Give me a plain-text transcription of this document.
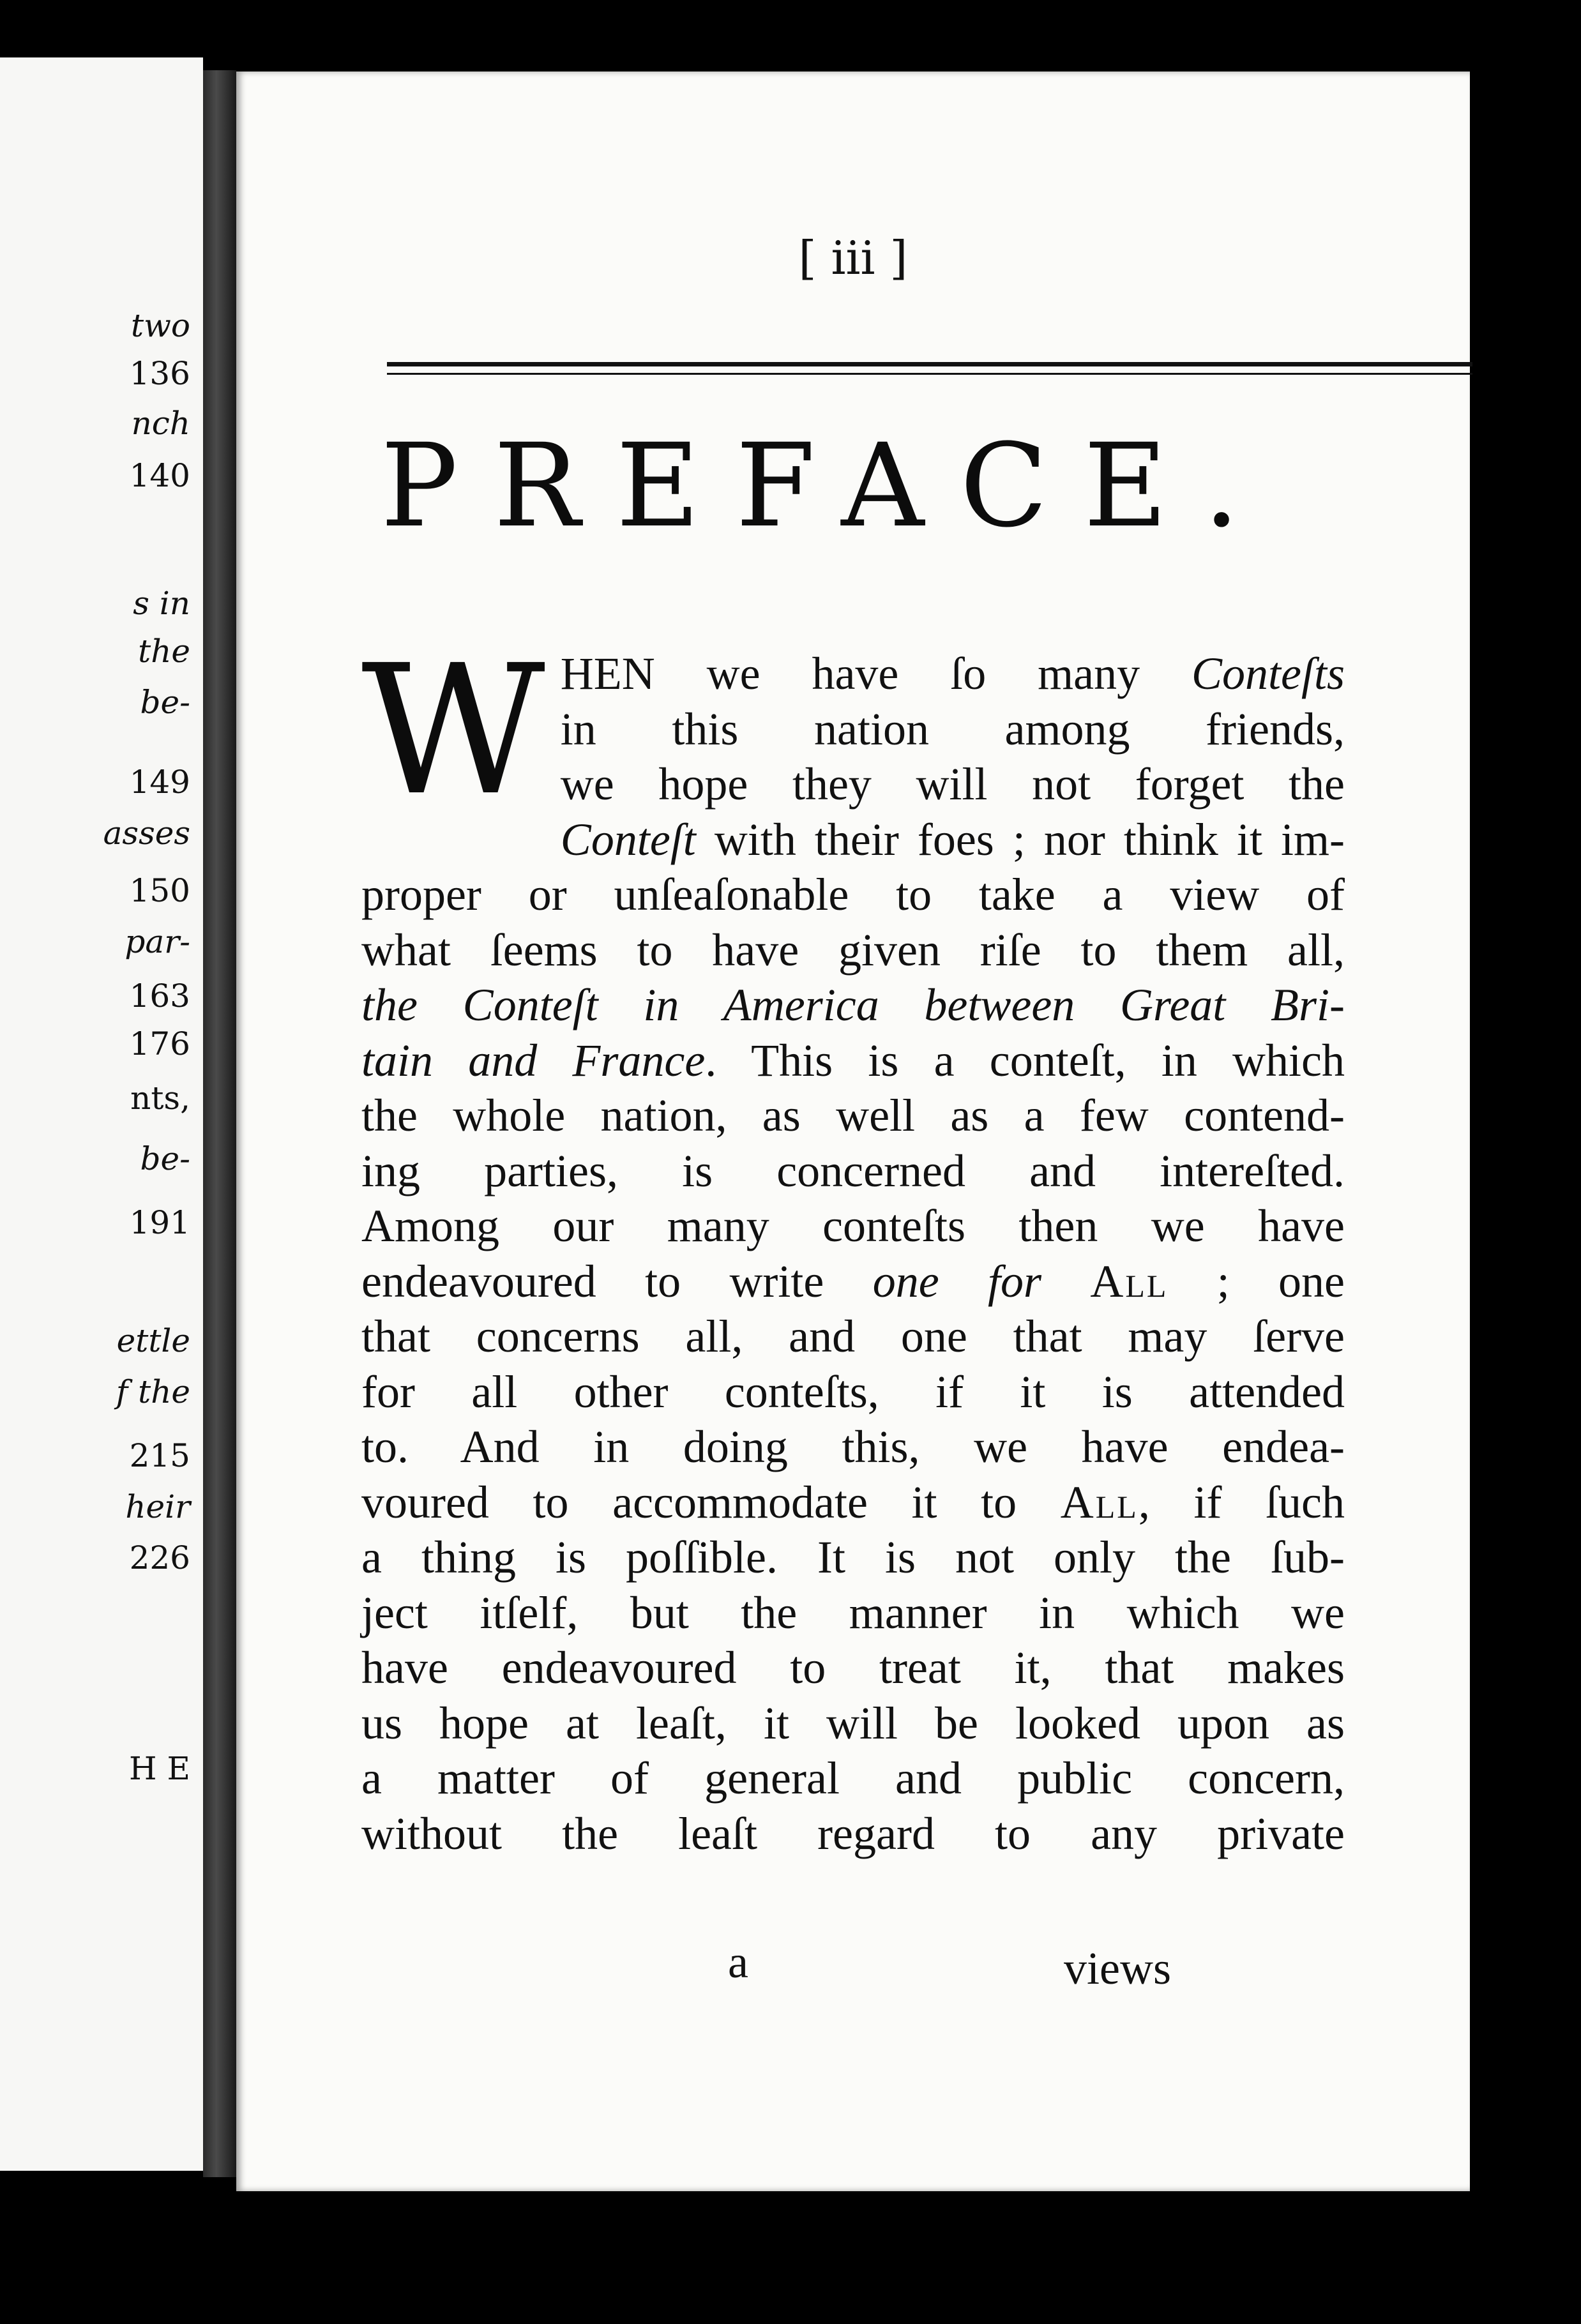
two
136
nch
140
s in
the
be-
149
asses
150
par-
163
176
nts,
be-
191
ettle
f the
215
heir
226
H E
[ iii ]
PREFACE.
W HEN we have ſo many Conteſts
in this nation among friends,
we hope they will not forget the
Conteſt with their foes ; nor think it im-
proper or unſeaſonable to take a view of
what ſeems to have given riſe to them all,
the Conteſt in America between Great Bri-
tain and France. This is a conteſt, in which
the whole nation, as well as a few contend-
ing parties, is concerned and intereſted.
Among our many conteſts then we have
endeavoured to write one for All ; one
that concerns all, and one that may ſerve
for all other conteſts, if it is attended
to. And in doing this, we have endea-
voured to accommodate it to All, if ſuch
a thing is poſſible. It is not only the ſub-
ject itſelf, but the manner in which we
have endeavoured to treat it, that makes
us hope at leaſt, it will be looked upon as
a matter of general and public concern,
without the leaſt regard to any private
a	views
